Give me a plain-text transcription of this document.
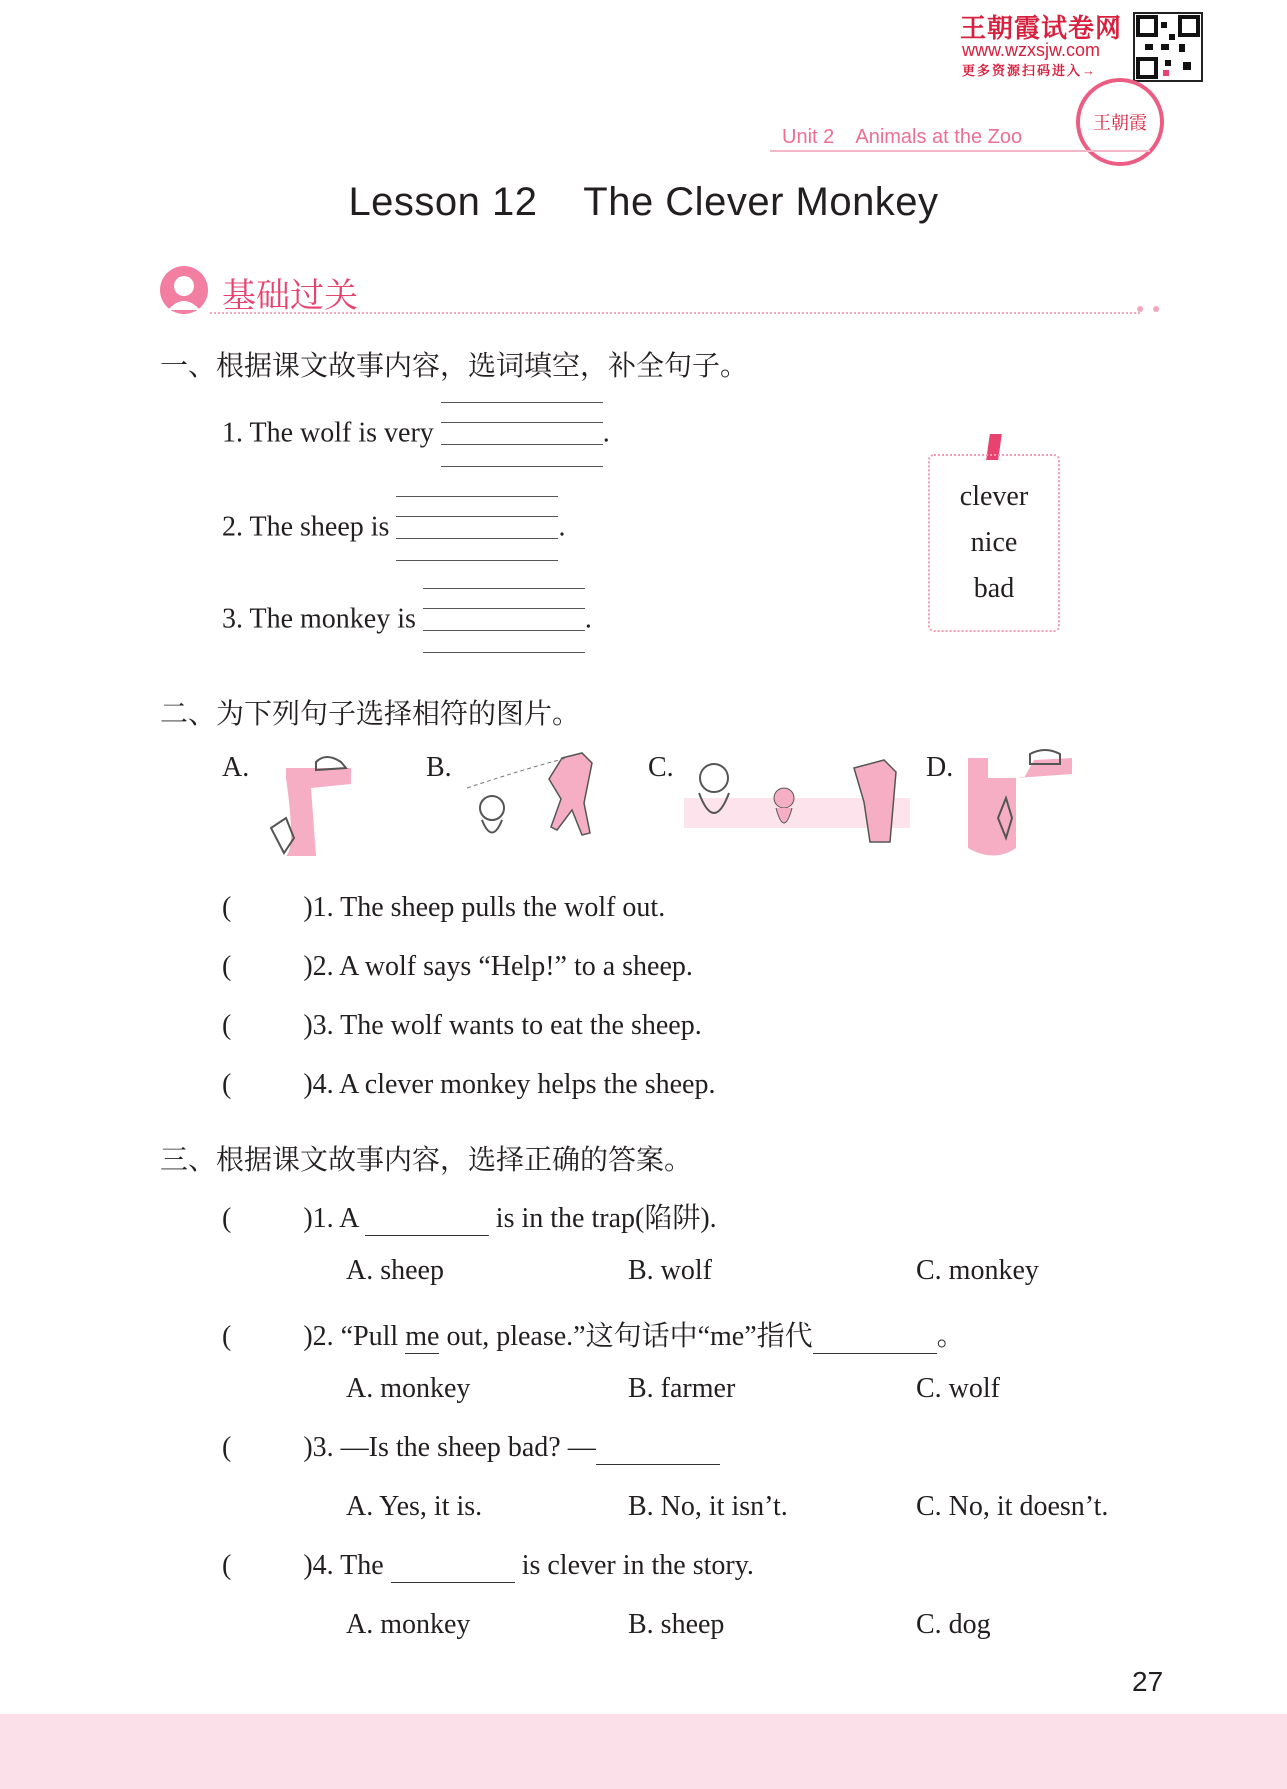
王朝霞试卷网
www.wzxsjw.com
更多资源扫码进入→
王朝霞
Unit 2    Animals at the Zoo
Lesson 12    The Clever Monkey
基础过关	● ●
一、根据课文故事内容，选词填空，补全句子。
1. The wolf is very	.
2. The sheep is	.
3. The monkey is	.
clever
nice
bad
二、为下列句子选择相符的图片。
A.	B.	C.	D.
(	)1. The sheep pulls the wolf out.
(	)2. A wolf says “Help!” to a sheep.
(	)3. The wolf wants to eat the sheep.
(	)4. A clever monkey helps the sheep.
三、根据课文故事内容，选择正确的答案。
(	)1. A	is in the trap(陷阱).
A. sheep	B. wolf	C. monkey
(	)2. “Pull me out, please.”这句话中“me”指代	。
A. monkey	B. farmer	C. wolf
(	)3. —Is the sheep bad? —
A. Yes, it is.	B. No, it isn’t.	C. No, it doesn’t.
(	)4. The	is clever in the story.
A. monkey	B. sheep	C. dog
27
